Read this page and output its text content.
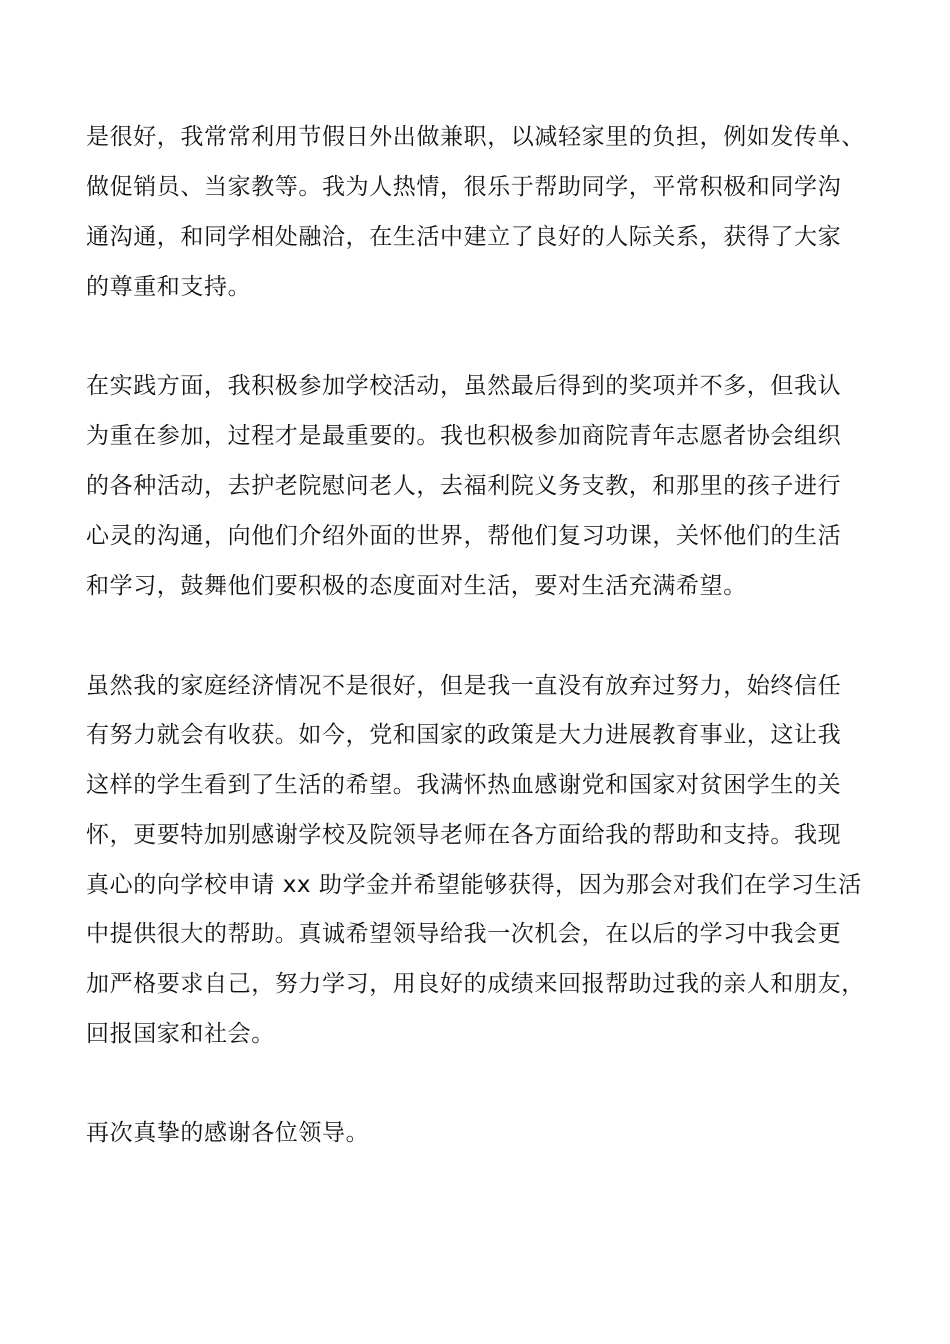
是很好，我常常利用节假日外出做兼职，以减轻家里的负担，例如发传单、
做促销员、当家教等。我为人热情，很乐于帮助同学，平常积极和同学沟
通沟通，和同学相处融洽，在生活中建立了良好的人际关系，获得了大家
的尊重和支持。
在实践方面，我积极参加学校活动，虽然最后得到的奖项并不多，但我认
为重在参加，过程才是最重要的。我也积极参加商院青年志愿者协会组织
的各种活动，去护老院慰问老人，去福利院义务支教，和那里的孩子进行
心灵的沟通，向他们介绍外面的世界，帮他们复习功课，关怀他们的生活
和学习，鼓舞他们要积极的态度面对生活，要对生活充满希望。
虽然我的家庭经济情况不是很好，但是我一直没有放弃过努力，始终信任
有努力就会有收获。如今，党和国家的政策是大力进展教育事业，这让我
这样的学生看到了生活的希望。我满怀热血感谢党和国家对贫困学生的关
怀，更要特加别感谢学校及院领导老师在各方面给我的帮助和支持。我现
真心的向学校申请 xx 助学金并希望能够获得，因为那会对我们在学习生活
中提供很大的帮助。真诚希望领导给我一次机会，在以后的学习中我会更
加严格要求自己，努力学习，用良好的成绩来回报帮助过我的亲人和朋友，
回报国家和社会。
再次真挚的感谢各位领导。
